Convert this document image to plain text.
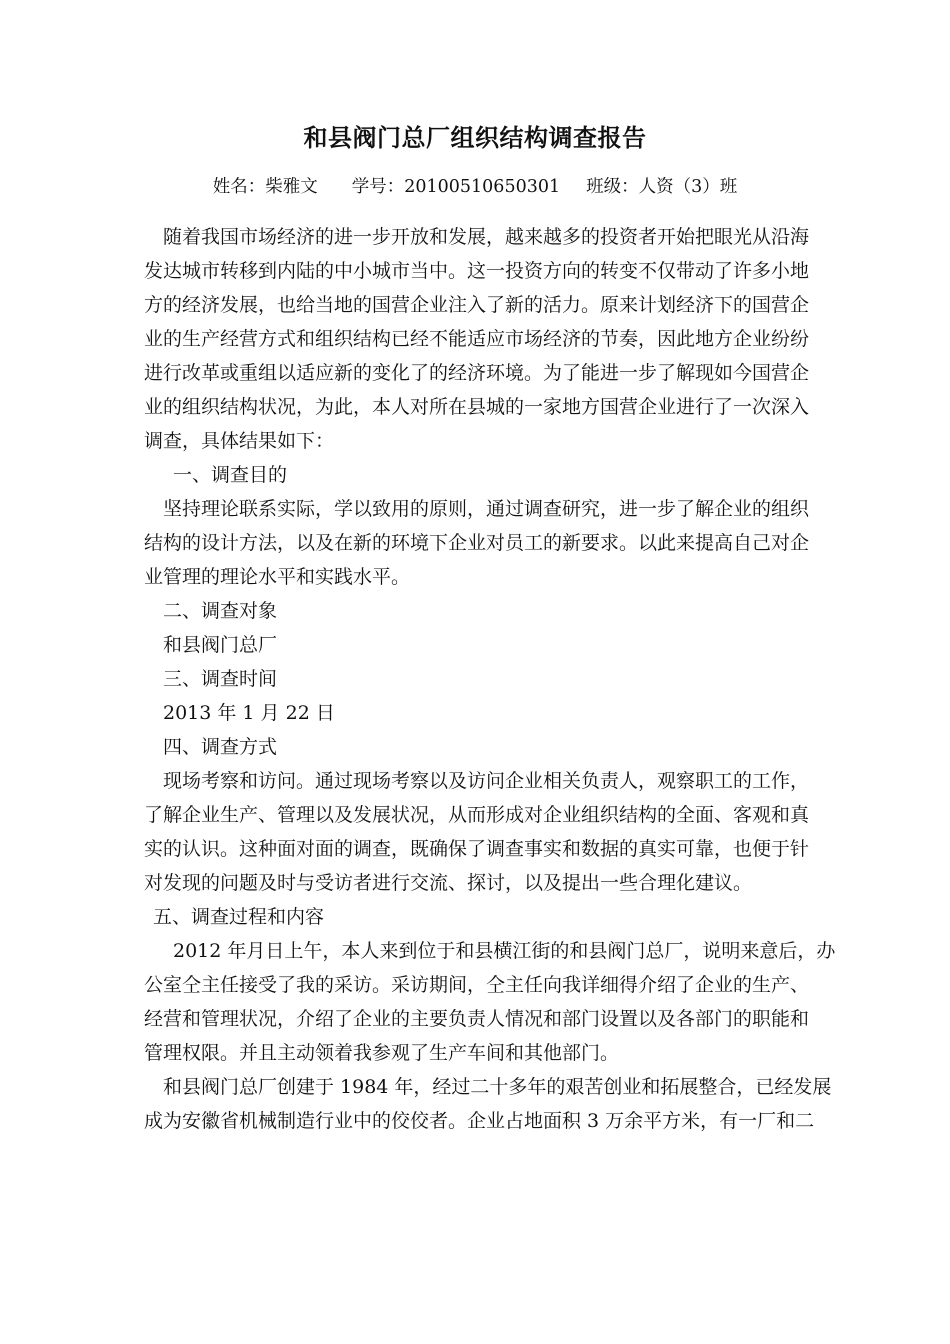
和县阀门总厂组织结构调查报告
姓名：柴雅文 学号：20100510650301 班级：人资（3）班
随着我国市场经济的进一步开放和发展，越来越多的投资者开始把眼光从沿海
发达城市转移到内陆的中小城市当中。这一投资方向的转变不仅带动了许多小地
方的经济发展，也给当地的国营企业注入了新的活力。原来计划经济下的国营企
业的生产经营方式和组织结构已经不能适应市场经济的节奏，因此地方企业纷纷
进行改革或重组以适应新的变化了的经济环境。为了能进一步了解现如今国营企
业的组织结构状况，为此，本人对所在县城的一家地方国营企业进行了一次深入
调查，具体结果如下：
一、调查目的
坚持理论联系实际，学以致用的原则，通过调查研究，进一步了解企业的组织
结构的设计方法，以及在新的环境下企业对员工的新要求。以此来提高自己对企
业管理的理论水平和实践水平。
二、调查对象
和县阀门总厂
三、调查时间
2013 年 1 月 22 日
四、调查方式
现场考察和访问。通过现场考察以及访问企业相关负责人，观察职工的工作，
了解企业生产、管理以及发展状况，从而形成对企业组织结构的全面、客观和真
实的认识。这种面对面的调查，既确保了调查事实和数据的真实可靠，也便于针
对发现的问题及时与受访者进行交流、探讨，以及提出一些合理化建议。
五、调查过程和内容
2012 年月日上午，本人来到位于和县横江街的和县阀门总厂，说明来意后，办
公室仝主任接受了我的采访。采访期间，仝主任向我详细得介绍了企业的生产、
经营和管理状况，介绍了企业的主要负责人情况和部门设置以及各部门的职能和
管理权限。并且主动领着我参观了生产车间和其他部门。
和县阀门总厂创建于 1984 年，经过二十多年的艰苦创业和拓展整合，已经发展
成为安徽省机械制造行业中的佼佼者。企业占地面积 3 万余平方米，有一厂和二
